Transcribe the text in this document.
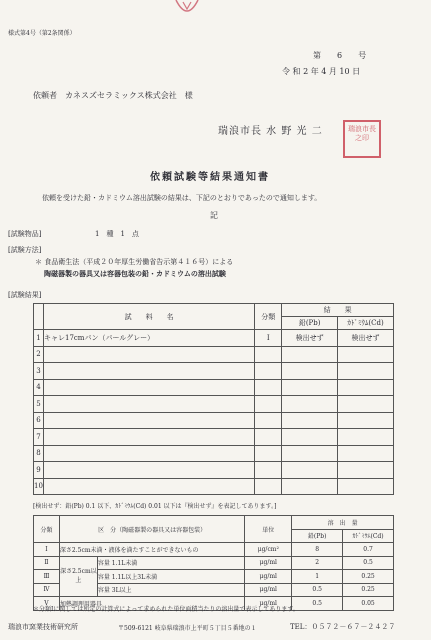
様式第4号（第2条関係）
第　　6　　号
令 和 2 年 4 月 10 日
依頼者　カネスズセラミックス株式会社　様
瑞浪市長 水 野 光 二	瑞浪市長之印
依頼試験等結果通知書
依頼を受けた鉛・カドミウム溶出試験の結果は、下記のとおりであったので通知します。
記
[試験物品]	1　種　1　点
[試験方法]
＊ 食品衛生法（平成２０年厚生労働省告示第４１６号）による
陶磁器製の器具又は容器包装の鉛・カドミウムの溶出試験
[試験結果]
	試　　料　　名	分類	結　　果	
			鉛(Pb)	ｶﾄﾞﾐｳﾑ(Cd)
1	キャレ17cmパン（パールグレー）	Ⅰ	検出せず	検出せず
2				
3				
4				
5				
6				
7				
8				
9				
10				
[検出せず：鉛(Pb) 0.1 以下、ｶﾄﾞﾐｳﾑ(Cd) 0.01 以下は『検出せず』を表記してあります。]
分類	区　分（陶磁器製の器具又は容器包装）		単位	溶　出　量	
				鉛(Pb)	ｶﾄﾞﾐｳﾑ(Cd)
Ⅰ	深さ2.5cm未満・液体を満たすことができないもの		μg/cm²	8	0.7
Ⅱ	深さ2.5cm以上	容量 1.1L未満	μg/ml	2	0.5
Ⅲ		容量 1.1L以上3L未満	μg/ml	1	0.25
Ⅳ		容量 3L以上	μg/ml	0.5	0.25
Ⅴ	加熱調理用器具		μg/ml	0.5	0.05
＊分類Ⅰに関しては所定の計算式によって求められた単位面積当たりの溶出量で表示してあります。
瑞浪市窯業技術研究所	〒509-6121 岐阜県瑞浪市上平町５丁目５番地の１	TEL：０５７２－６７－２４２７
